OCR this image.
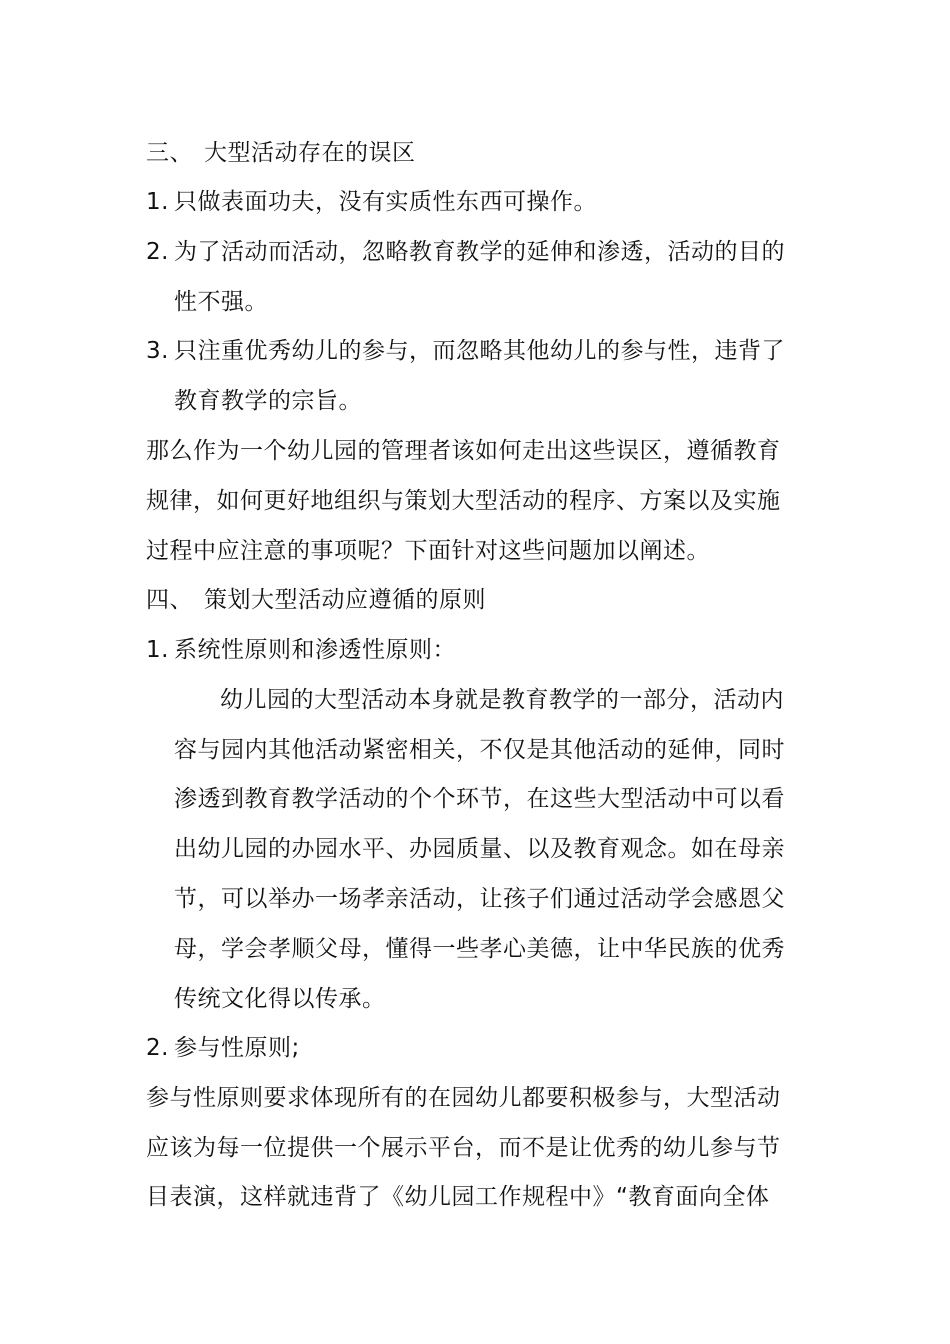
三、 大型活动存在的误区
1. 只做表面功夫，没有实质性东西可操作。
2. 为了活动而活动，忽略教育教学的延伸和渗透，活动的目的
性不强。
3. 只注重优秀幼儿的参与，而忽略其他幼儿的参与性，违背了
教育教学的宗旨。
那么作为一个幼儿园的管理者该如何走出这些误区，遵循教育
规律，如何更好地组织与策划大型活动的程序、方案以及实施
过程中应注意的事项呢？下面针对这些问题加以阐述。
四、 策划大型活动应遵循的原则
1. 系统性原则和渗透性原则：
幼儿园的大型活动本身就是教育教学的一部分，活动内
容与园内其他活动紧密相关，不仅是其他活动的延伸，同时
渗透到教育教学活动的个个环节，在这些大型活动中可以看
出幼儿园的办园水平、办园质量、以及教育观念。如在母亲
节，可以举办一场孝亲活动，让孩子们通过活动学会感恩父
母，学会孝顺父母，懂得一些孝心美德，让中华民族的优秀
传统文化得以传承。
2. 参与性原则;
参与性原则要求体现所有的在园幼儿都要积极参与，大型活动
应该为每一位提供一个展示平台，而不是让优秀的幼儿参与节
目表演，这样就违背了《幼儿园工作规程中》“教育面向全体
